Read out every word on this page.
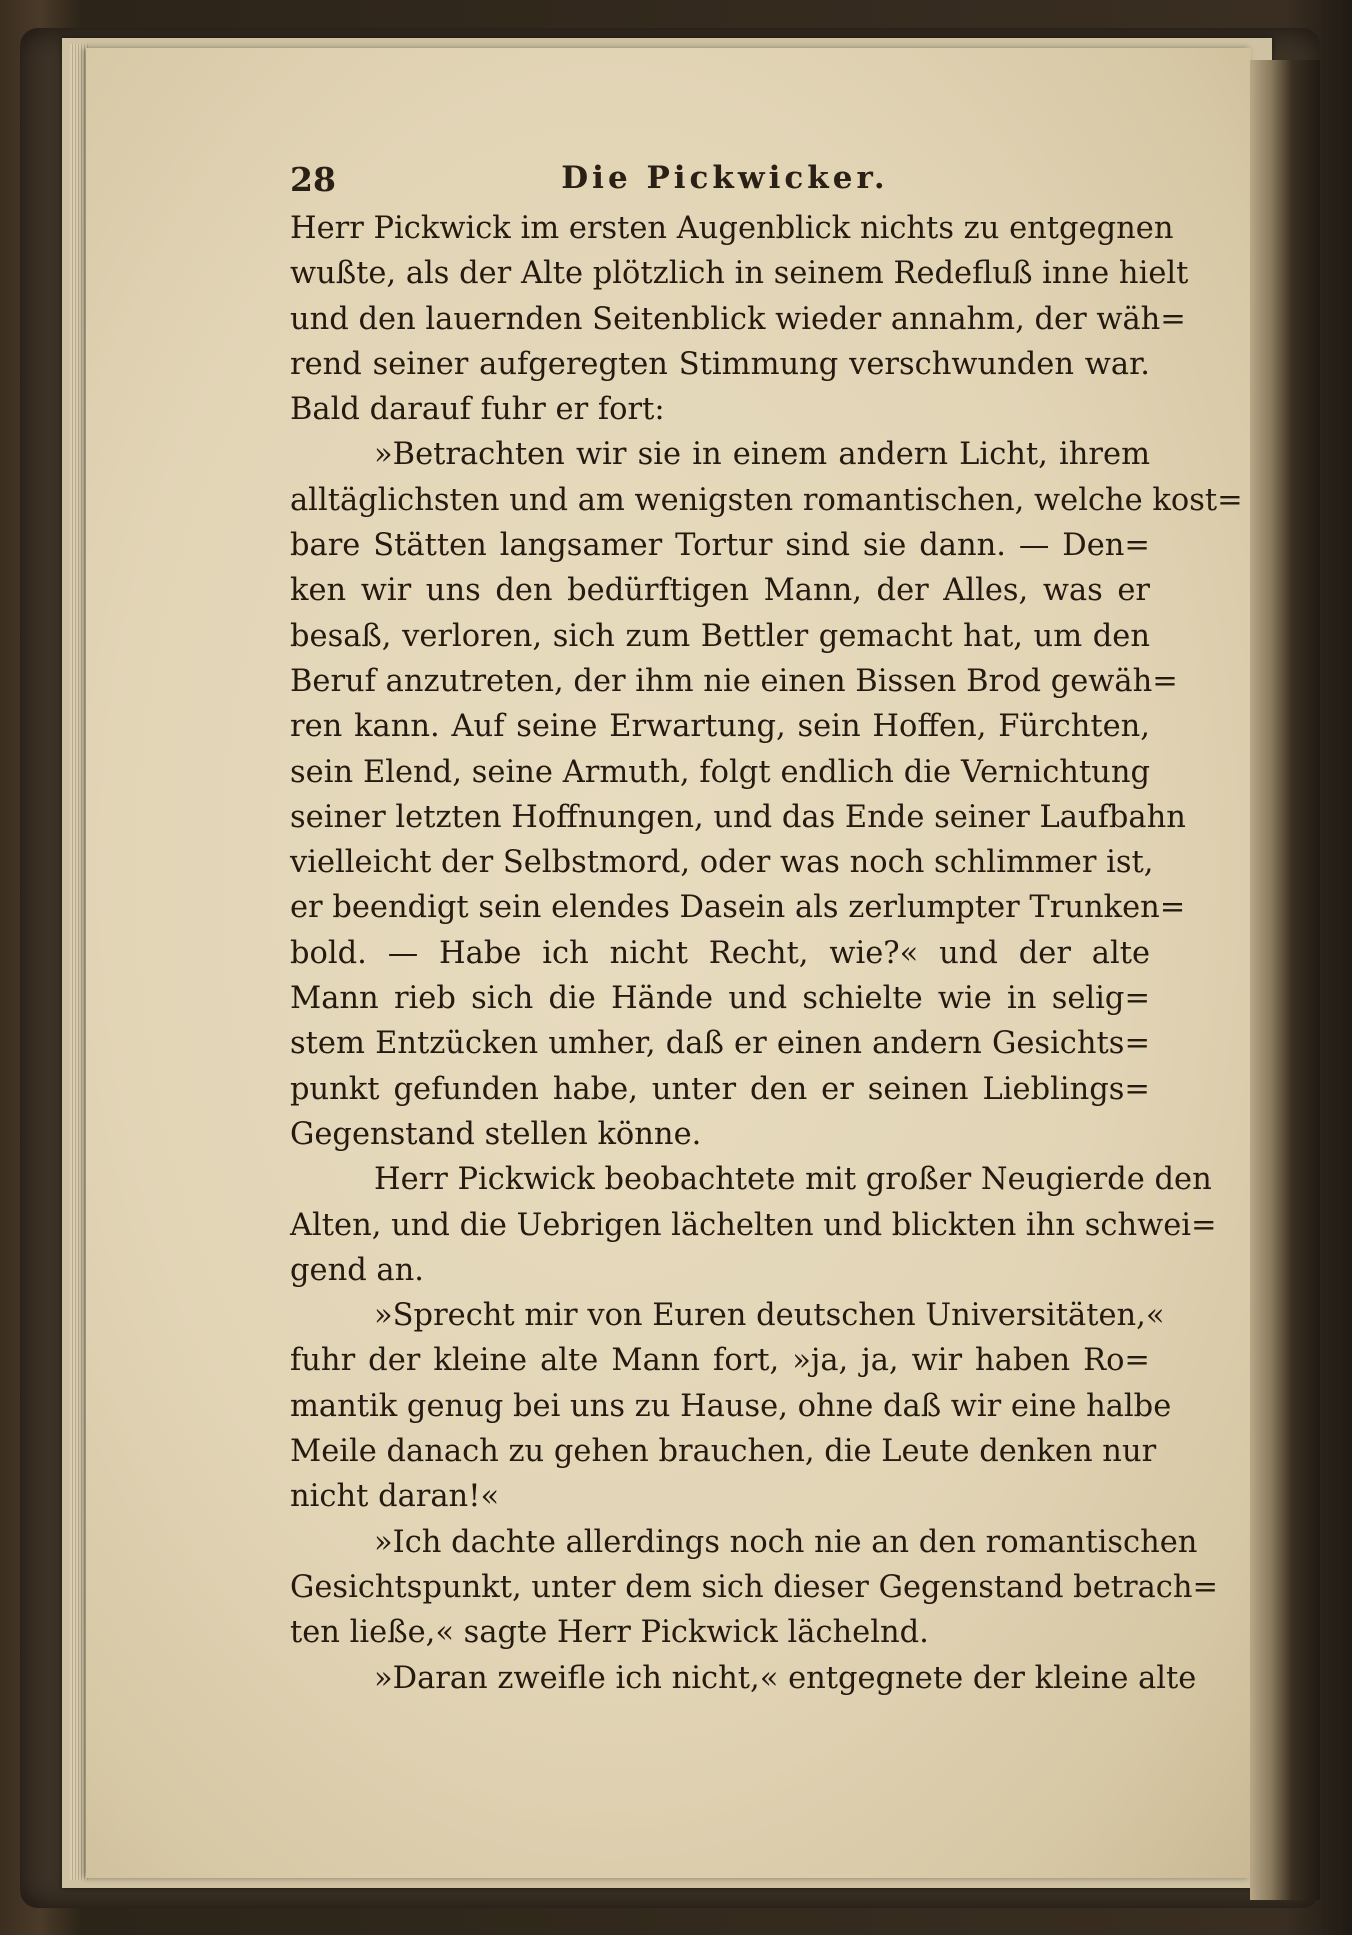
28	Die Pickwicker.

Herr Pickwick im ersten Augenblick nichts zu entgegnen
wußte, als der Alte plötzlich in seinem Redefluß inne hielt
und den lauernden Seitenblick wieder annahm, der wäh=
rend seiner aufgeregten Stimmung verschwunden war.
Bald darauf fuhr er fort:

»Betrachten wir sie in einem andern Licht, ihrem
alltäglichsten und am wenigsten romantischen, welche kost=
bare Stätten langsamer Tortur sind sie dann. — Den=
ken wir uns den bedürftigen Mann, der Alles, was er
besaß, verloren, sich zum Bettler gemacht hat, um den
Beruf anzutreten, der ihm nie einen Bissen Brod gewäh=
ren kann. Auf seine Erwartung, sein Hoffen, Fürchten,
sein Elend, seine Armuth, folgt endlich die Vernichtung
seiner letzten Hoffnungen, und das Ende seiner Laufbahn
vielleicht der Selbstmord, oder was noch schlimmer ist,
er beendigt sein elendes Dasein als zerlumpter Trunken=
bold. — Habe ich nicht Recht, wie?« und der alte
Mann rieb sich die Hände und schielte wie in selig=
stem Entzücken umher, daß er einen andern Gesichts=
punkt gefunden habe, unter den er seinen Lieblings=
Gegenstand stellen könne.

Herr Pickwick beobachtete mit großer Neugierde den
Alten, und die Uebrigen lächelten und blickten ihn schwei=
gend an.

»Sprecht mir von Euren deutschen Universitäten,«
fuhr der kleine alte Mann fort, »ja, ja, wir haben Ro=
mantik genug bei uns zu Hause, ohne daß wir eine halbe
Meile danach zu gehen brauchen, die Leute denken nur
nicht daran!«

»Ich dachte allerdings noch nie an den romantischen
Gesichtspunkt, unter dem sich dieser Gegenstand betrach=
ten ließe,« sagte Herr Pickwick lächelnd.

»Daran zweifle ich nicht,« entgegnete der kleine alte
